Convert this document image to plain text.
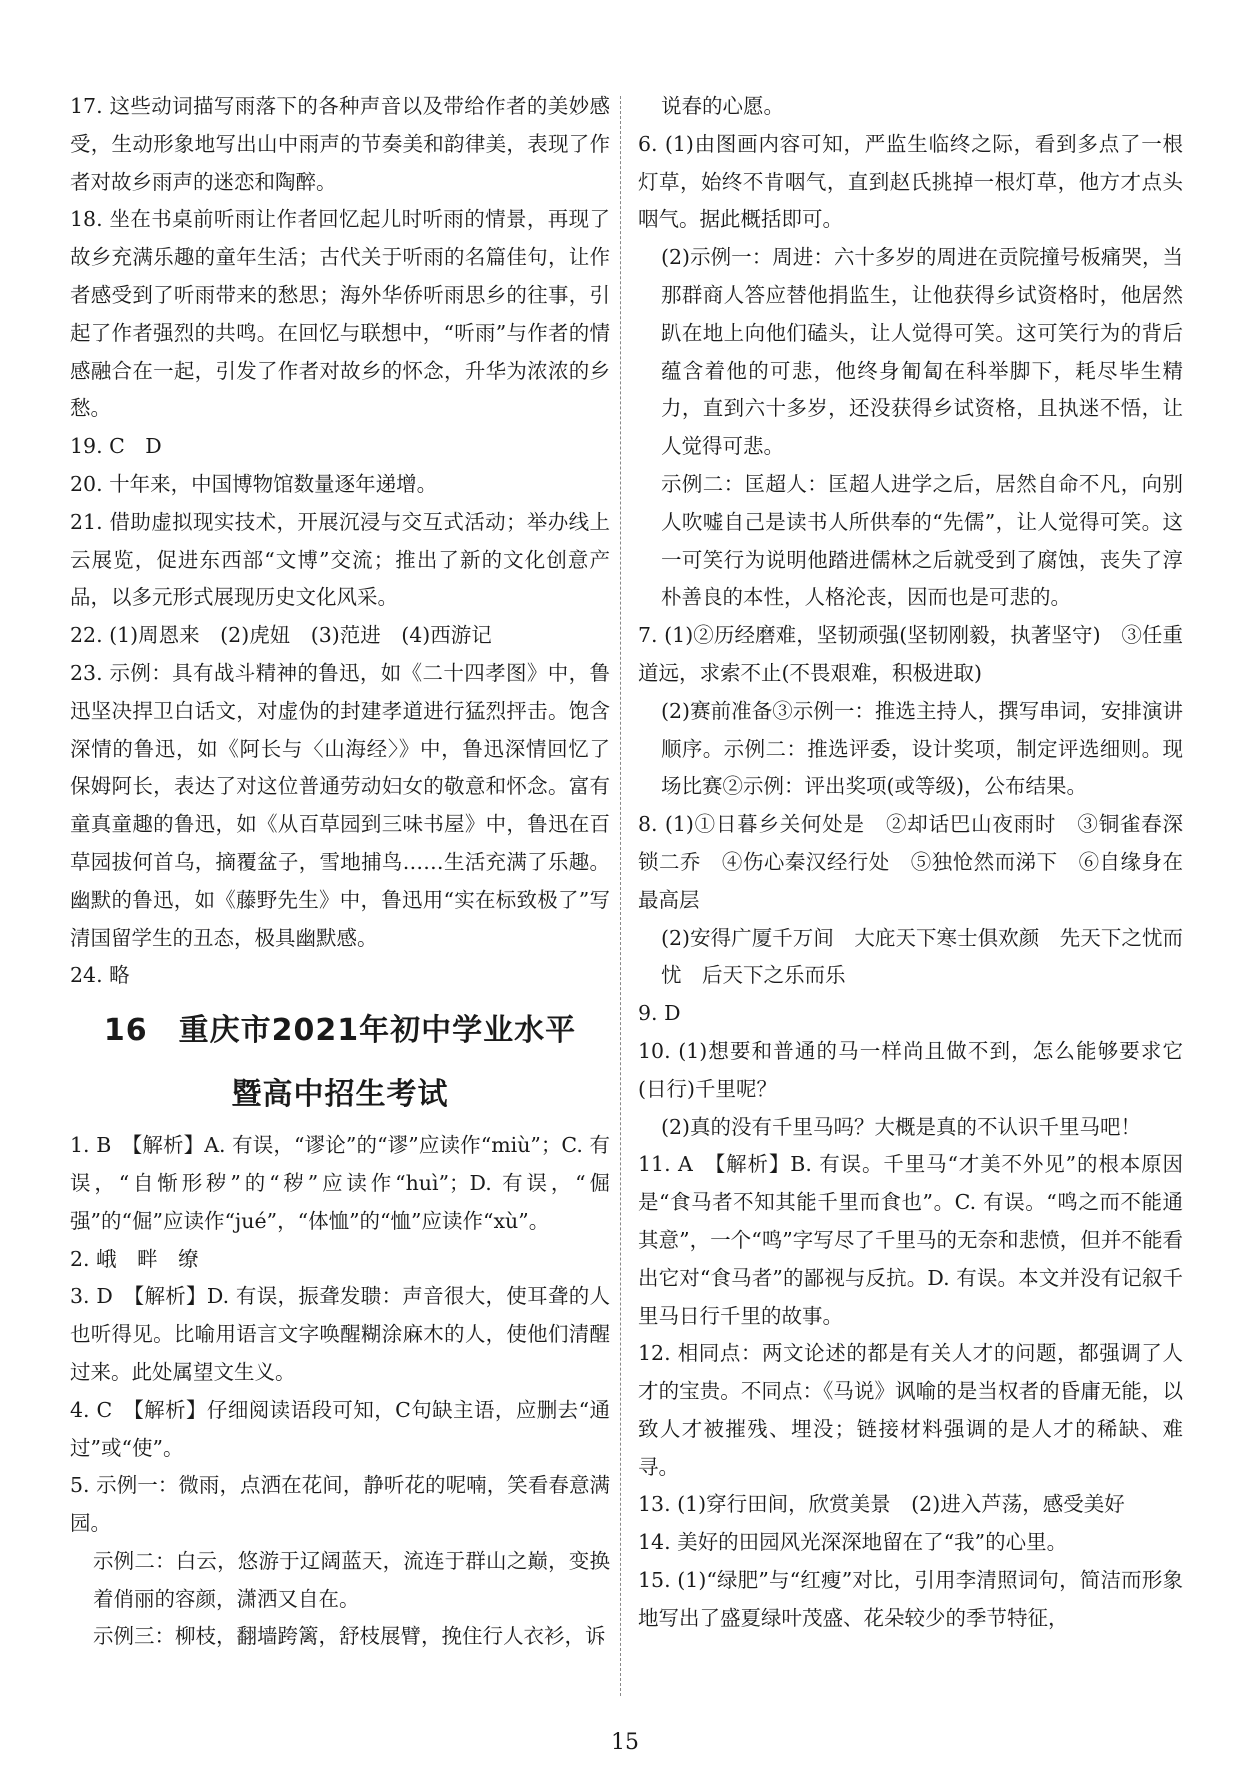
17. 这些动词描写雨落下的各种声音以及带给作者的美妙感受，生动形象地写出山中雨声的节奏美和韵律美，表现了作者对故乡雨声的迷恋和陶醉。
18. 坐在书桌前听雨让作者回忆起儿时听雨的情景，再现了故乡充满乐趣的童年生活；古代关于听雨的名篇佳句，让作者感受到了听雨带来的愁思；海外华侨听雨思乡的往事，引起了作者强烈的共鸣。在回忆与联想中，“听雨”与作者的情感融合在一起，引发了作者对故乡的怀念，升华为浓浓的乡愁。
19. C　D
20. 十年来，中国博物馆数量逐年递增。
21. 借助虚拟现实技术，开展沉浸与交互式活动；举办线上云展览，促进东西部“文博”交流；推出了新的文化创意产品，以多元形式展现历史文化风采。
22. (1)周恩来　(2)虎妞　(3)范进　(4)西游记
23. 示例：具有战斗精神的鲁迅，如《二十四孝图》中，鲁迅坚决捍卫白话文，对虚伪的封建孝道进行猛烈抨击。饱含深情的鲁迅，如《阿长与〈山海经〉》中，鲁迅深情回忆了保姆阿长，表达了对这位普通劳动妇女的敬意和怀念。富有童真童趣的鲁迅，如《从百草园到三味书屋》中，鲁迅在百草园拔何首乌，摘覆盆子，雪地捕鸟……生活充满了乐趣。幽默的鲁迅，如《藤野先生》中，鲁迅用“实在标致极了”写清国留学生的丑态，极具幽默感。
24. 略
16　重庆市2021年初中学业水平
暨高中招生考试
1. B　【解析】A. 有误，“谬论”的“谬”应读作“miù”；C. 有误，“自惭形秽”的“秽”应读作“huì”；D. 有误，“倔强”的“倔”应读作“jué”，“体恤”的“恤”应读作“xù”。
2. 峨　畔　缭
3. D　【解析】D. 有误，振聋发聩：声音很大，使耳聋的人也听得见。比喻用语言文字唤醒糊涂麻木的人，使他们清醒过来。此处属望文生义。
4. C　【解析】仔细阅读语段可知，C句缺主语，应删去“通过”或“使”。
5. 示例一：微雨，点洒在花间，静听花的呢喃，笑看春意满园。
示例二：白云，悠游于辽阔蓝天，流连于群山之巅，变换着俏丽的容颜，潇洒又自在。
示例三：柳枝，翻墙跨篱，舒枝展臂，挽住行人衣衫，诉
说春的心愿。
6. (1)由图画内容可知，严监生临终之际，看到多点了一根灯草，始终不肯咽气，直到赵氏挑掉一根灯草，他方才点头咽气。据此概括即可。
(2)示例一：周进：六十多岁的周进在贡院撞号板痛哭，当那群商人答应替他捐监生，让他获得乡试资格时，他居然趴在地上向他们磕头，让人觉得可笑。这可笑行为的背后蕴含着他的可悲，他终身匍匐在科举脚下，耗尽毕生精力，直到六十多岁，还没获得乡试资格，且执迷不悟，让人觉得可悲。
示例二：匡超人：匡超人进学之后，居然自命不凡，向别人吹嘘自己是读书人所供奉的“先儒”，让人觉得可笑。这一可笑行为说明他踏进儒林之后就受到了腐蚀，丧失了淳朴善良的本性，人格沦丧，因而也是可悲的。
7. (1)②历经磨难，坚韧顽强(坚韧刚毅，执著坚守)　③任重道远，求索不止(不畏艰难，积极进取)
(2)赛前准备③示例一：推选主持人，撰写串词，安排演讲顺序。示例二：推选评委，设计奖项，制定评选细则。现场比赛②示例：评出奖项(或等级)，公布结果。
8. (1)①日暮乡关何处是　②却话巴山夜雨时　③铜雀春深锁二乔　④伤心秦汉经行处　⑤独怆然而涕下　⑥自缘身在最高层
(2)安得广厦千万间　大庇天下寒士俱欢颜　先天下之忧而忧　后天下之乐而乐
9. D
10. (1)想要和普通的马一样尚且做不到，怎么能够要求它(日行)千里呢？
(2)真的没有千里马吗？大概是真的不认识千里马吧！
11. A　【解析】B. 有误。千里马“才美不外见”的根本原因是“食马者不知其能千里而食也”。C. 有误。“鸣之而不能通其意”，一个“鸣”字写尽了千里马的无奈和悲愤，但并不能看出它对“食马者”的鄙视与反抗。D. 有误。本文并没有记叙千里马日行千里的故事。
12. 相同点：两文论述的都是有关人才的问题，都强调了人才的宝贵。不同点：《马说》讽喻的是当权者的昏庸无能，以致人才被摧残、埋没；链接材料强调的是人才的稀缺、难寻。
13. (1)穿行田间，欣赏美景　(2)进入芦荡，感受美好
14. 美好的田园风光深深地留在了“我”的心里。
15. (1)“绿肥”与“红瘦”对比，引用李清照词句，简洁而形象地写出了盛夏绿叶茂盛、花朵较少的季节特征，
15
